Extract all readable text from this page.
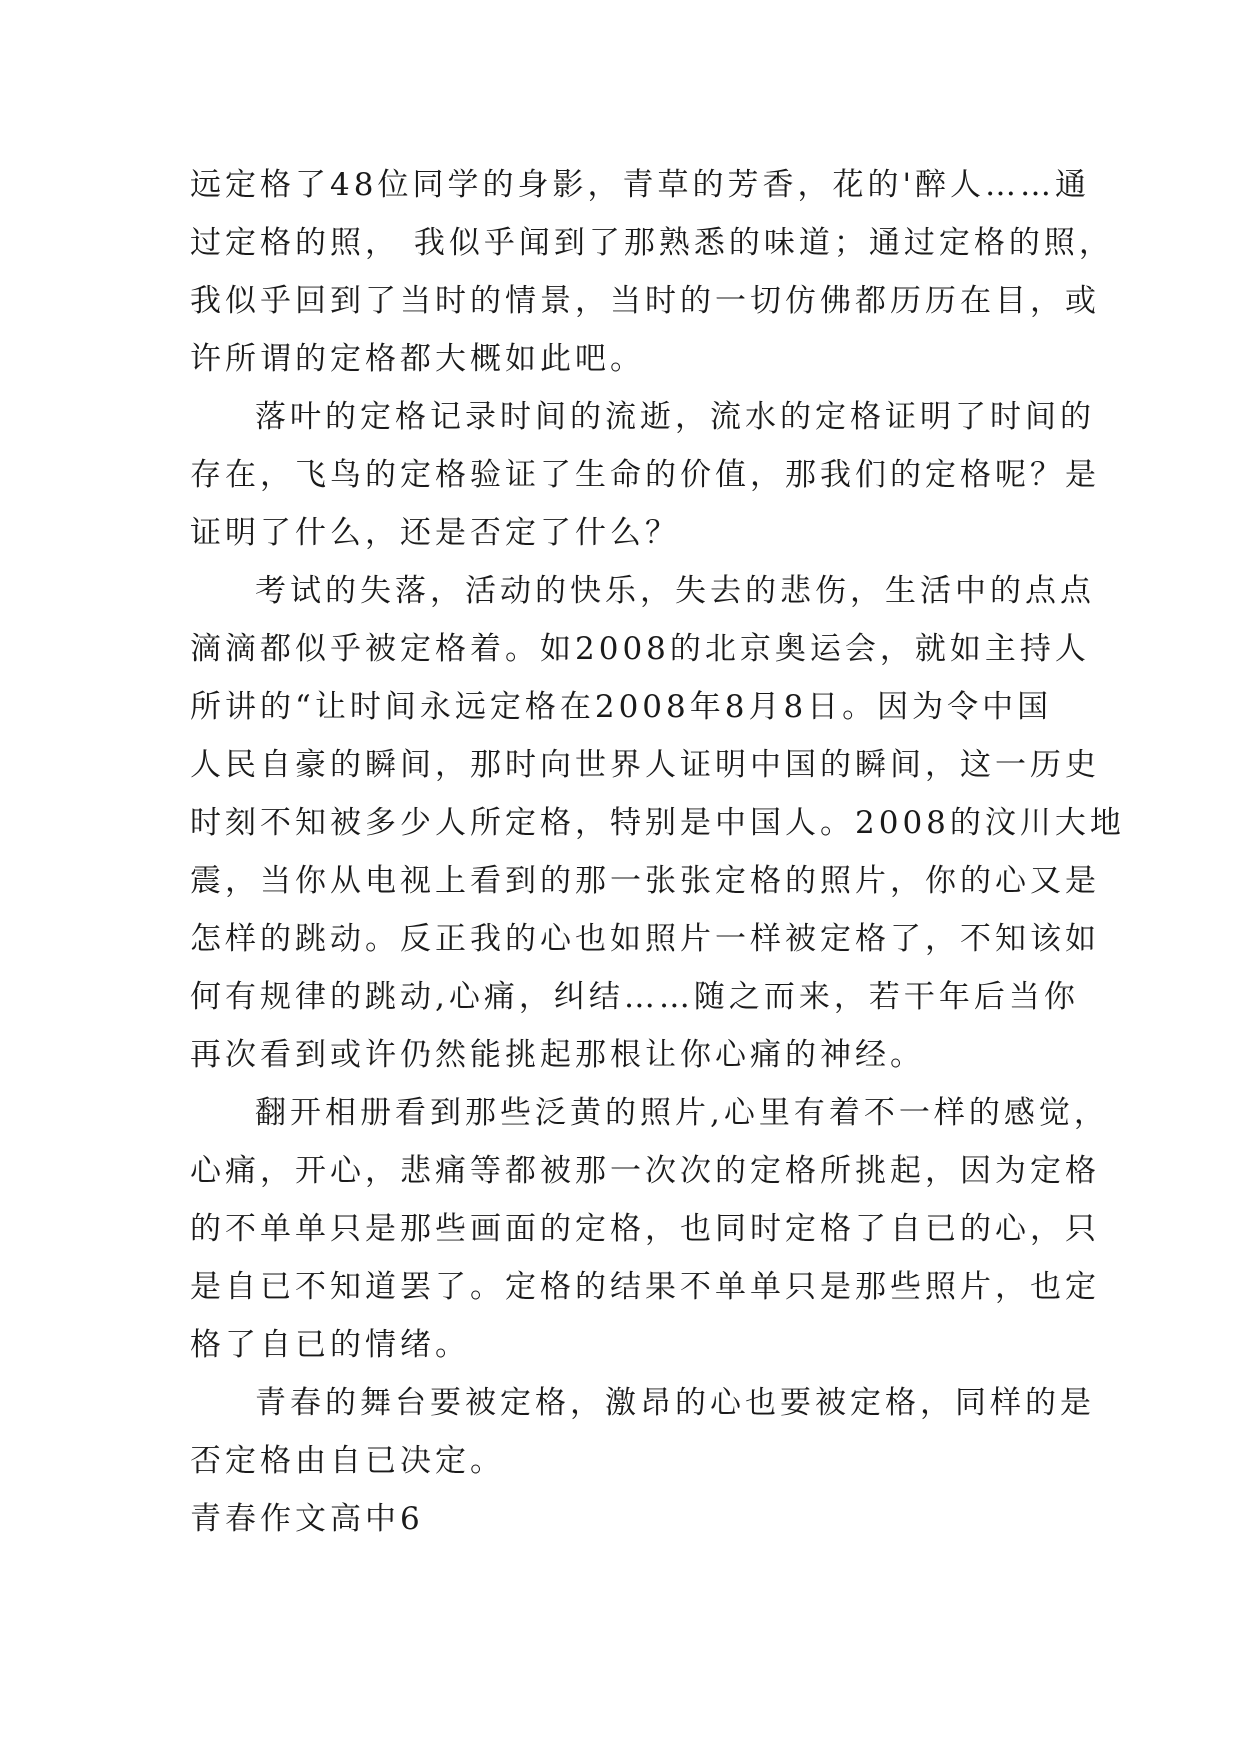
远定格了48位同学的身影，青草的芳香，花的'醉人……通
过定格的照， 我似乎闻到了那熟悉的味道；通过定格的照，
我似乎回到了当时的情景，当时的一切仿佛都历历在目，或
许所谓的定格都大概如此吧。
落叶的定格记录时间的流逝，流水的定格证明了时间的
存在，飞鸟的定格验证了生命的价值，那我们的定格呢？是
证明了什么，还是否定了什么？
考试的失落，活动的快乐，失去的悲伤，生活中的点点
滴滴都似乎被定格着。如2008的北京奥运会，就如主持人
所讲的“让时间永远定格在2008年8月8日。因为令中国
人民自豪的瞬间，那时向世界人证明中国的瞬间，这一历史
时刻不知被多少人所定格，特别是中国人。2008的汶川大地
震，当你从电视上看到的那一张张定格的照片，你的心又是
怎样的跳动。反正我的心也如照片一样被定格了，不知该如
何有规律的跳动,心痛，纠结……随之而来，若干年后当你
再次看到或许仍然能挑起那根让你心痛的神经。
翻开相册看到那些泛黄的照片,心里有着不一样的感觉，
心痛，开心，悲痛等都被那一次次的定格所挑起，因为定格
的不单单只是那些画面的定格，也同时定格了自已的心，只
是自已不知道罢了。定格的结果不单单只是那些照片，也定
格了自已的情绪。
青春的舞台要被定格，激昂的心也要被定格，同样的是
否定格由自已决定。
青春作文高中6
